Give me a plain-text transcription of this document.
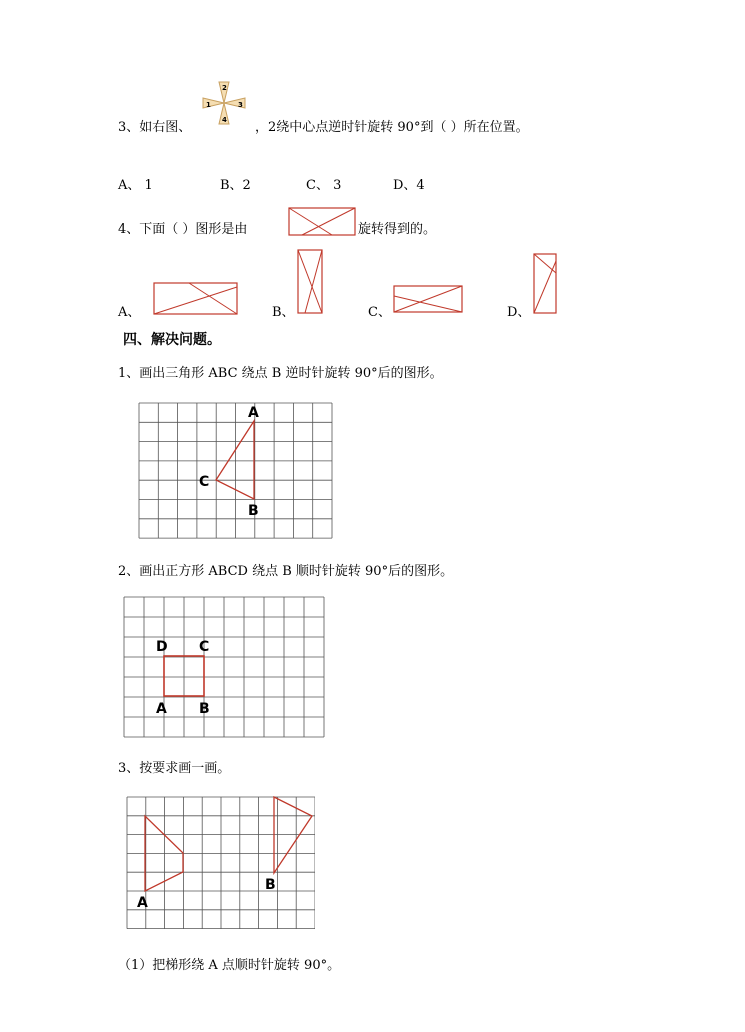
1
2
3
4
3、如右图、	，2绕中心点逆时针旋转 90°到（ ）所在位置。
A、 1	B、2	C、 3	D、4
4、下面（ ）图形是由	旋转得到的。
A、	B、	C、	D、
四、解决问题。
1、画出三角形 ABC 绕点 B 逆时针旋转 90°后的图形。
A
B
C
2、画出正方形 ABCD 绕点 B 顺时针旋转 90°后的图形。
D C
A B
3、按要求画一画。
A
B
（1）把梯形绕 A 点顺时针旋转 90°。
